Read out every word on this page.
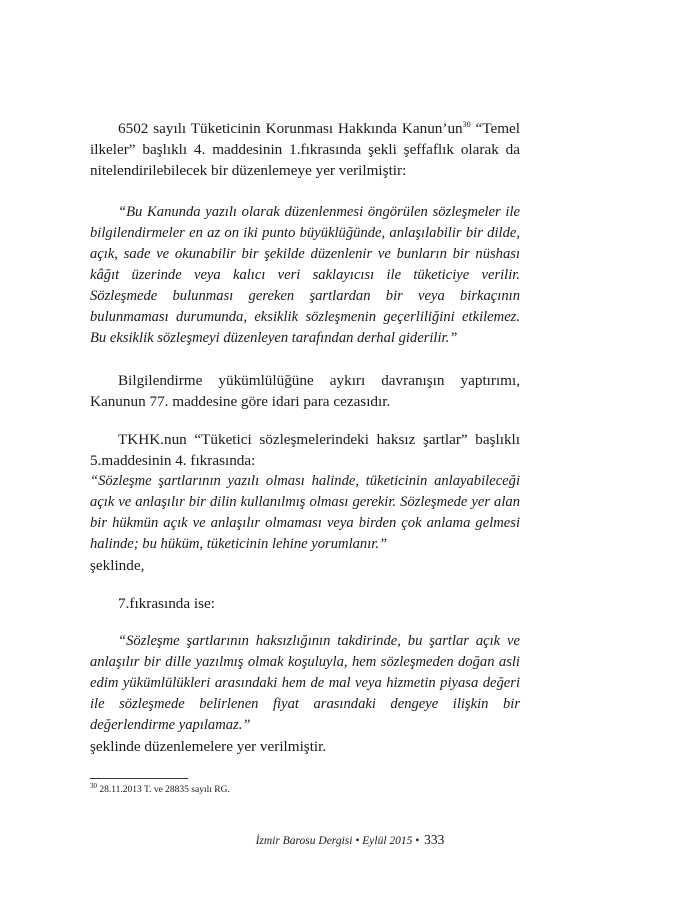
6502 sayılı Tüketicinin Korunması Hakkında $Kanun’un^{30}$ “Temel ilkeler” başlıklı 4. maddesinin 1.fıkrasında şekli şeffaflık olarak da nitelendirilebilecek bir düzenlemeye yer verilmiştir:

“Bu Kanunda yazılı olarak düzenlenmesi öngörülen sözleşmeler ile bilgilendirmeler en az on iki punto büyüklüğünde, anlaşılabilir bir dilde, açık, sade ve okunabilir bir şekilde düzenlenir ve bunların bir nüshası kâğıt üzerinde veya kalıcı veri saklayıcısı ile tüketiciye verilir. Sözleşmede bulunması gereken şartlardan bir veya birkaçının bulunmaması durumunda, eksiklik sözleşmenin geçerliliğini etkilemez. Bu eksiklik sözleşmeyi düzenleyen tarafından derhal giderilir.”

Bilgilendirme yükümlülüğüne aykırı davranışın yaptırımı, Kanunun 77. maddesine göre idari para cezasıdır.

TKHK.nun “Tüketici sözleşmelerindeki haksız şartlar” başlıklı 5.maddesinin 4. fıkrasında:

“Sözleşme şartlarının yazılı olması halinde, tüketicinin anlayabileceği açık ve anlaşılır bir dilin kullanılmış olması gerekir. Sözleşmede yer alan bir hükmün açık ve anlaşılır olmaması veya birden çok anlama gelmesi halinde; bu hüküm, tüketicinin lehine yorumlanır.”

şeklinde,

7.fıkrasında ise:

“Sözleşme şartlarının haksızlığının takdirinde, bu şartlar açık ve anlaşılır bir dille yazılmış olmak koşuluyla, hem sözleşmeden doğan asli edim yükümlülükleri arasındaki hem de mal veya hizmetin piyasa değeri ile sözleşmede belirlenen fiyat arasındaki dengeye ilişkin bir değerlendirme yapılamaz.”

şeklinde düzenlemelere yer verilmiştir.

$^{30}$ 28.11.2013 T. ve 28835 sayılı RG.
İzmir Barosu Dergisi • Eylül 2015 • 333
